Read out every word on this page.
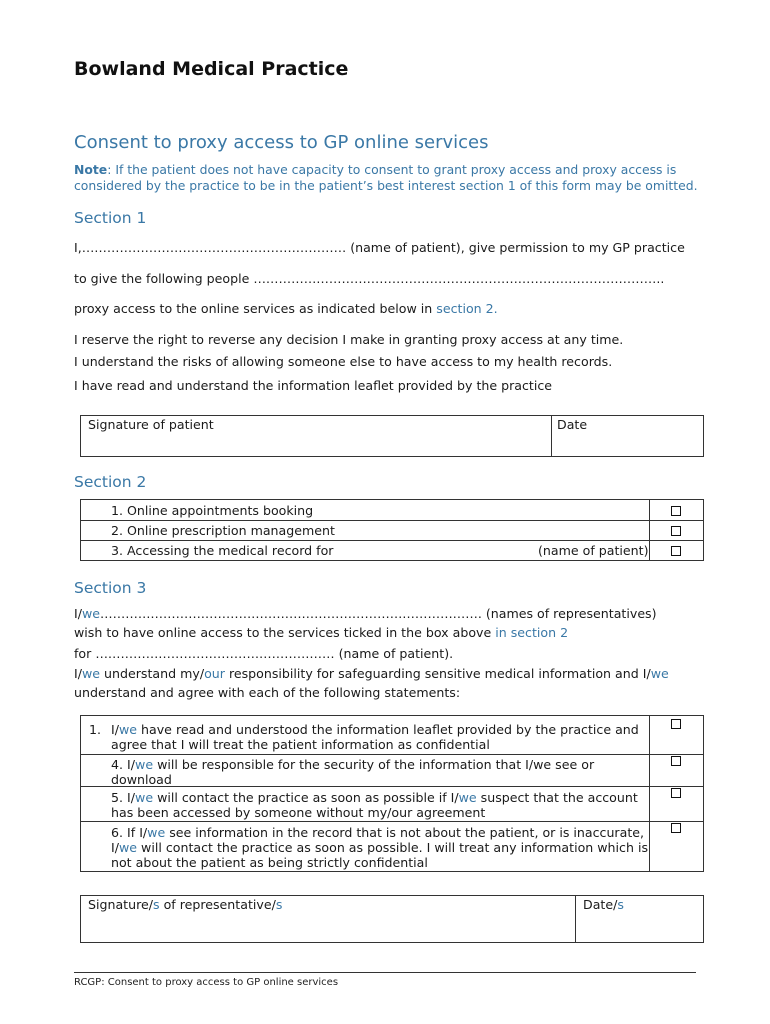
Bowland Medical Practice
Consent to proxy access to GP online services
Note: If the patient does not have capacity to consent to grant proxy access and proxy access is considered by the practice to be in the patient’s best interest section 1 of this form may be omitted.
Section 1
I,……………………………………………………… (name of patient), give permission to my GP practice
to give the following people ……………………………………………………………………………………..
proxy access to the online services as indicated below in section 2.
I reserve the right to reverse any decision I make in granting proxy access at any time.
I understand the risks of allowing someone else to have access to my health records.
I have read and understand the information leaflet provided by the practice
Signature of patient	Date
Section 2
1. Online appointments booking
2. Online prescription management
3. Accessing the medical record for	(name of patient)
Section 3
I/we………………………………………………………………………………. (names of representatives)
wish to have online access to the services ticked in the box above in section 2
for ………………………………………………… (name of patient).
I/we understand my/our responsibility for safeguarding sensitive medical information and I/we
understand and agree with each of the following statements:
1. I/we have read and understood the information leaflet provided by the practice and
agree that I will treat the patient information as confidential
4. I/we will be responsible for the security of the information that I/we see or
download
5. I/we will contact the practice as soon as possible if I/we suspect that the account
has been accessed by someone without my/our agreement
6. If I/we see information in the record that is not about the patient, or is inaccurate,
I/we will contact the practice as soon as possible. I will treat any information which is
not about the patient as being strictly confidential
Signature/s of representative/s	Date/s
RCGP: Consent to proxy access to GP online services
